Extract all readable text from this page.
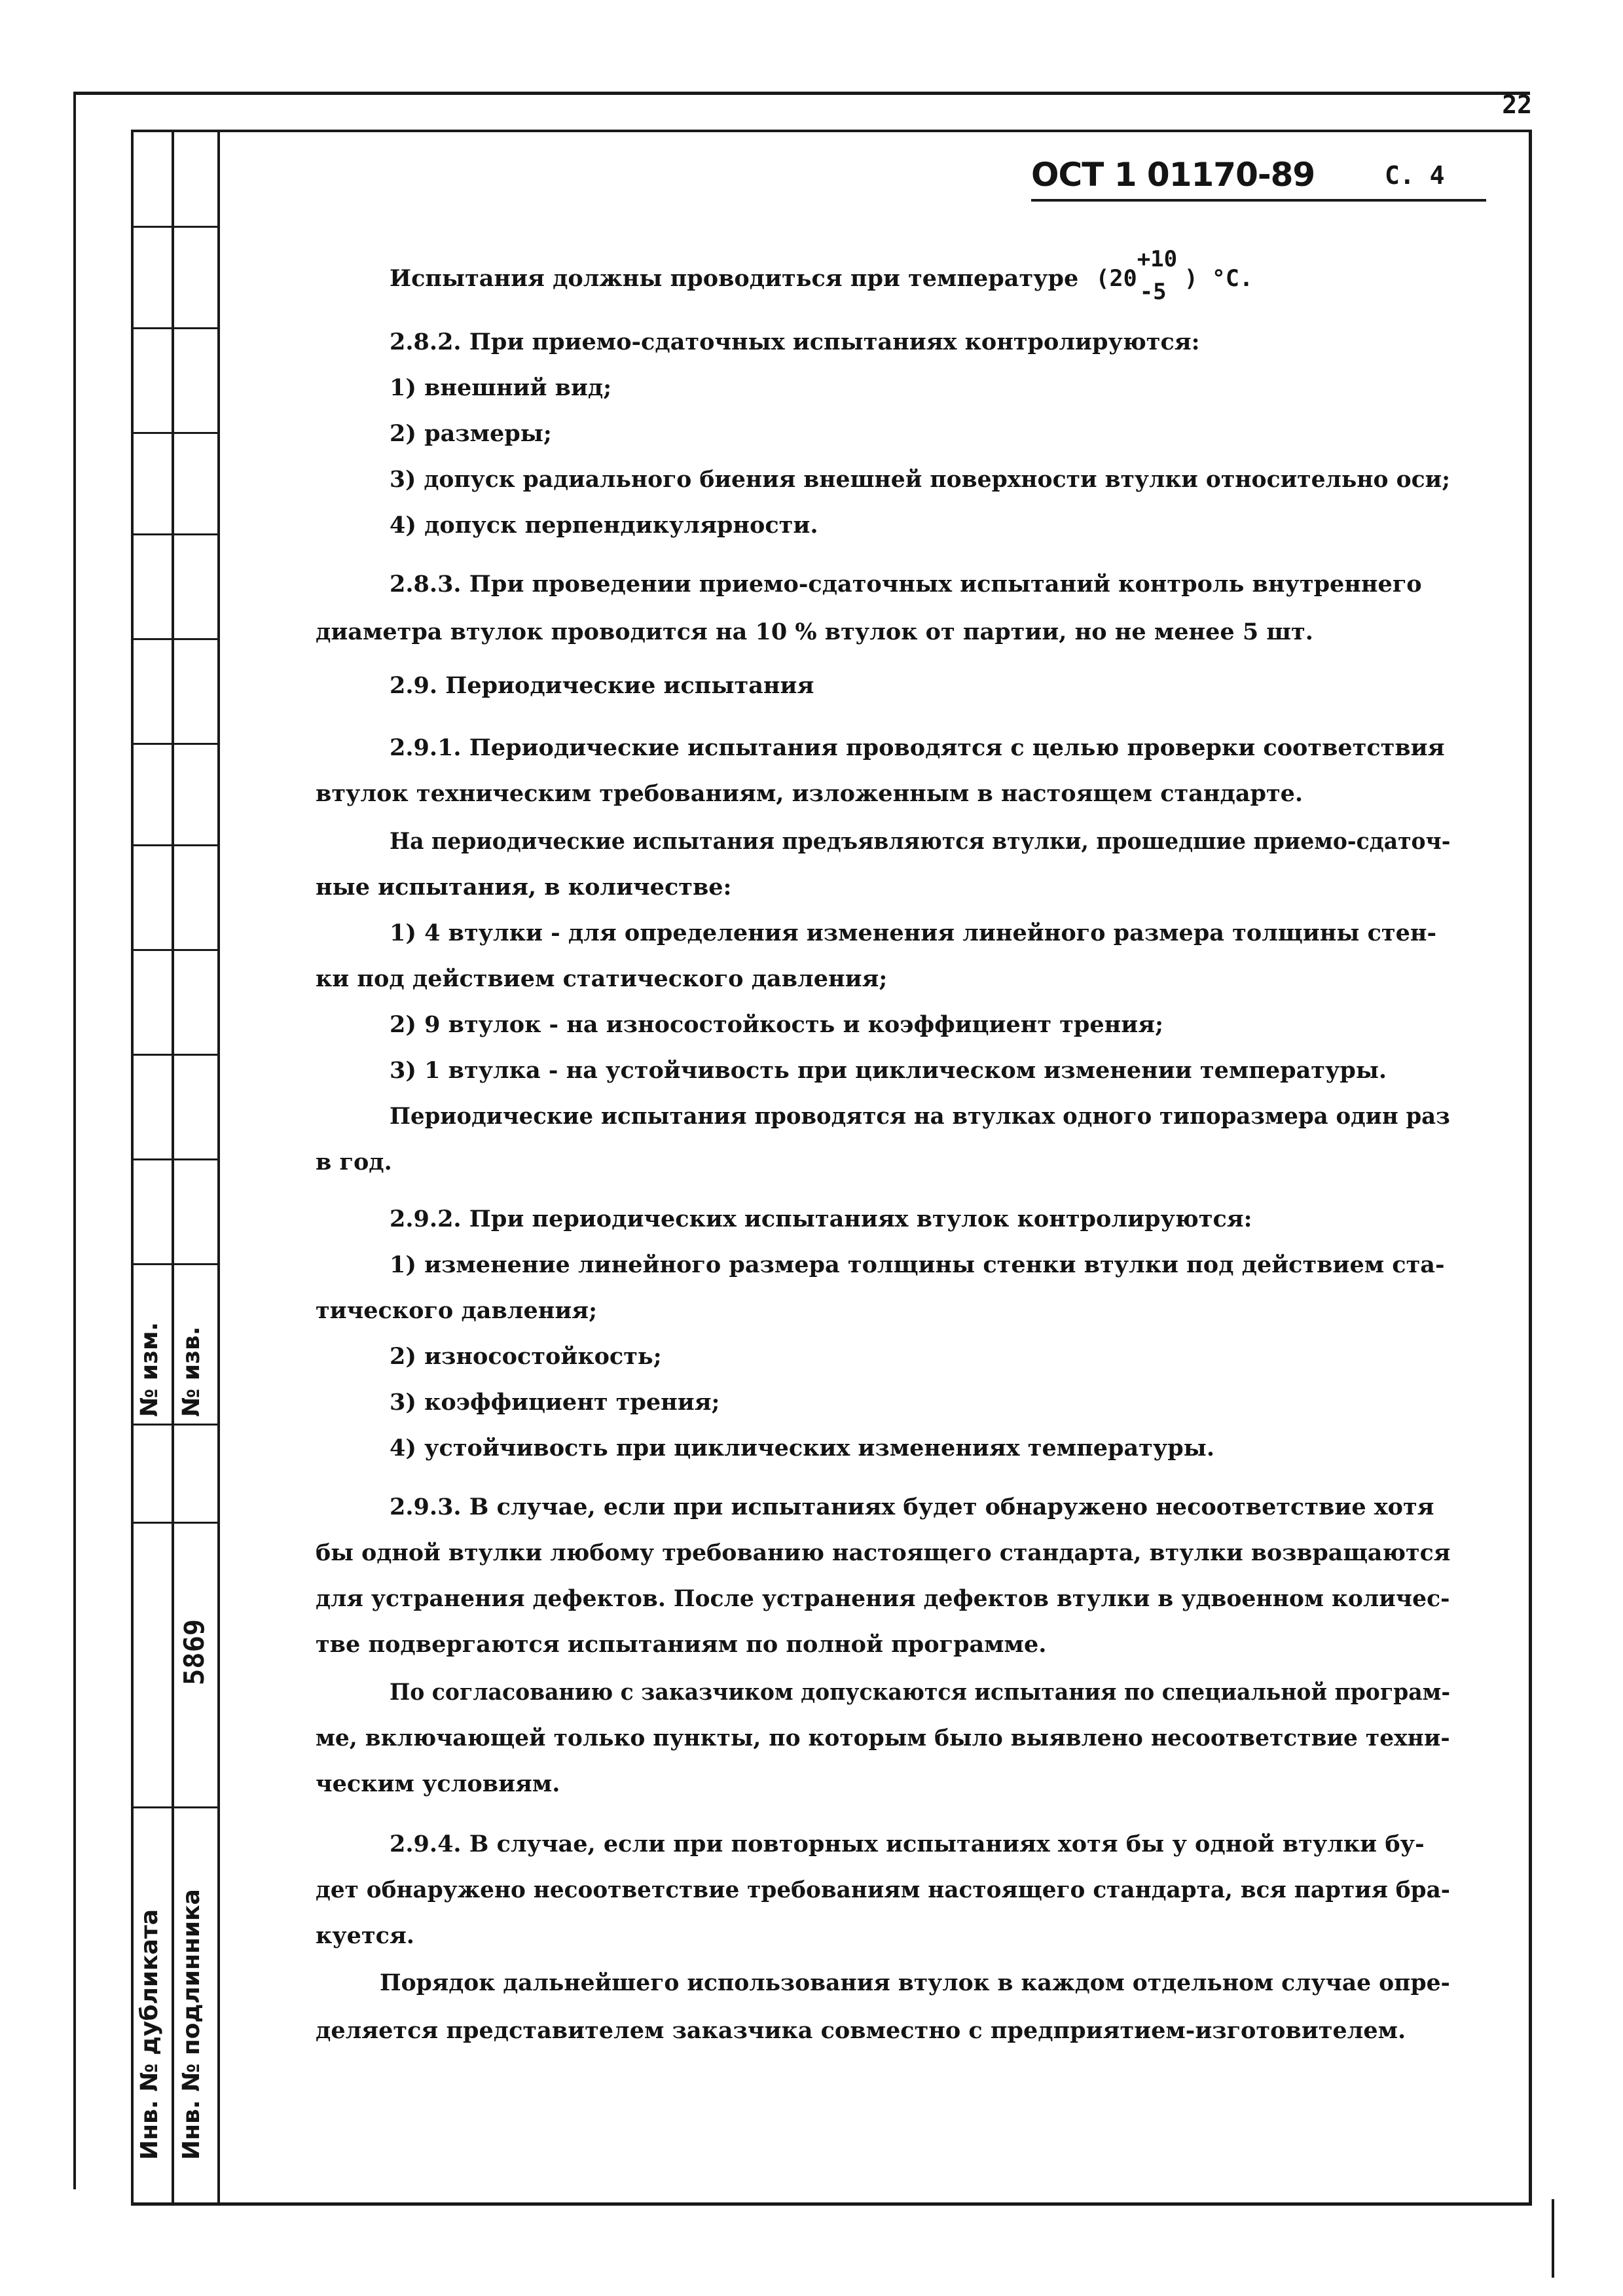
№ изм. № изв.
5869
Инв. № дубликата Инв. № подлинника
22
ОСТ 1 01170-89	С. 4
Испытания должны проводиться при температуре (20
+10
-5 ) °С.
2.8.2. При приемо-сдаточных испытаниях контролируются:
1) внешний вид;
2) размеры;
3) допуск радиального биения внешней поверхности втулки относительно оси;
4) допуск перпендикулярности.
2.8.3. При проведении приемо-сдаточных испытаний контроль внутреннего
диаметра втулок проводится на 10 % втулок от партии, но не менее 5 шт.
2.9. Периодические испытания
2.9.1. Периодические испытания проводятся с целью проверки соответствия
втулок техническим требованиям, изложенным в настоящем стандарте.
На периодические испытания предъявляются втулки, прошедшие приемо-сдаточ-
ные испытания, в количестве:
1) 4 втулки - для определения изменения линейного размера толщины стен-
ки под действием статического давления;
2) 9 втулок - на износостойкость и коэффициент трения;
3) 1 втулка - на устойчивость при циклическом изменении температуры.
Периодические испытания проводятся на втулках одного типоразмера один раз
в год.
2.9.2. При периодических испытаниях втулок контролируются:
1) изменение линейного размера толщины стенки втулки под действием ста-
тического давления;
2) износостойкость;
3) коэффициент трения;
4) устойчивость при циклических изменениях температуры.
2.9.3. В случае, если при испытаниях будет обнаружено несоответствие хотя
бы одной втулки любому требованию настоящего стандарта, втулки возвращаются
для устранения дефектов. После устранения дефектов втулки в удвоенном количес-
тве подвергаются испытаниям по полной программе.
По согласованию с заказчиком допускаются испытания по специальной програм-
ме, включающей только пункты, по которым было выявлено несоответствие техни-
ческим условиям.
2.9.4. В случае, если при повторных испытаниях хотя бы у одной втулки бу-
дет обнаружено несоответствие требованиям настоящего стандарта, вся партия бра-
куется.
Порядок дальнейшего использования втулок в каждом отдельном случае опре-
деляется представителем заказчика совместно с предприятием-изготовителем.
